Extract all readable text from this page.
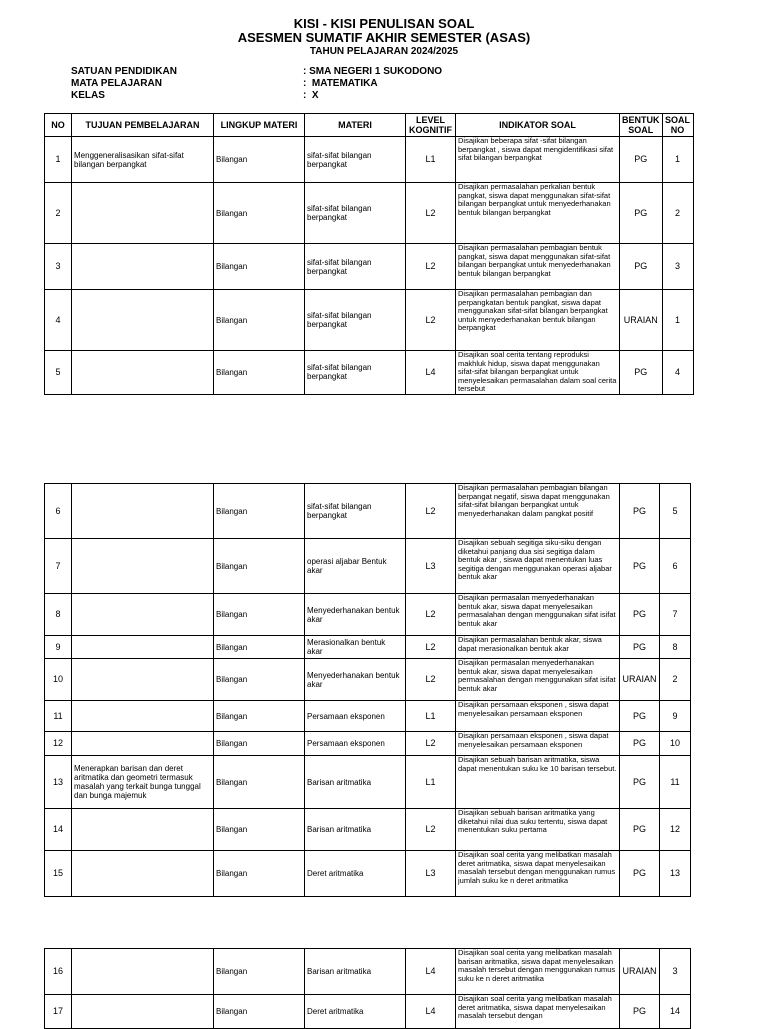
KISI - KISI PENULISAN SOAL
ASESMEN SUMATIF AKHIR SEMESTER (ASAS)
TAHUN PELAJARAN 2024/2025
SATUAN PENDIDIKAN	: SMA NEGERI 1 SUKODONO
MATA PELAJARAN	:  MATEMATIKA
KELAS	:  X
NO	TUJUAN PEMBELAJARAN	LINGKUP MATERI	MATERI	LEVEL KOGNITIF	INDIKATOR SOAL	BENTUK SOAL	SOAL NO
1	Menggeneralisasikan sifat-sifat bilangan berpangkat	Bilangan	sifat-sifat bilangan berpangkat	L1	Disajikan beberapa sifat -sifat bilangan berpangkat , siswa dapat mengidentifikasi sifat sifat bilangan berpangkat	PG	1
2		Bilangan	sifat-sifat bilangan berpangkat	L2	Disajikan permasalahan perkalian bentuk pangkat, siswa dapat menggunakan sifat-sifat bilangan berpangkat untuk menyederhanakan bentuk bilangan berpangkat	PG	2
3		Bilangan	sifat-sifat bilangan berpangkat	L2	Disajikan permasalahan pembagian bentuk pangkat, siswa dapat menggunakan sifat-sifat bilangan berpangkat untuk menyederhanakan bentuk bilangan berpangkat	PG	3
4		Bilangan	sifat-sifat bilangan berpangkat	L2	Disajikan permasalahan pembagian dan perpangkatan bentuk pangkat, siswa dapat menggunakan sifat-sifat bilangan berpangkat untuk menyederhanakan bentuk bilangan berpangkat	URAIAN	1
5		Bilangan	sifat-sifat bilangan berpangkat	L4	Disajikan soal cerita tentang reproduksi makhluk hidup, siswa dapat menggunakan sifat-sifat bilangan berpangkat untuk menyelesaikan permasalahan dalam soal cerita tersebut	PG	4
6		Bilangan	sifat-sifat bilangan berpangkat	L2	Disajikan permasalahan pembagian bilangan berpangat negatif, siswa dapat menggunakan sifat-sifat bilangan berpangkat untuk menyederhanakan dalam pangkat positif	PG	5
7		Bilangan	operasi aljabar Bentuk akar	L3	Disajikan sebuah segitiga siku-siku dengan diketahui panjang dua sisi segitiga dalam bentuk akar , siswa dapat menentukan luas segitiga dengan menggunakan operasi aljabar bentuk akar	PG	6
8		Bilangan	Menyederhanakan bentuk akar	L2	Disajikan permasalan menyederhanakan bentuk akar, siswa dapat menyelesaikan permasalahan dengan menggunakan sifat isifat bentuk akar	PG	7
9		Bilangan	Merasionalkan bentuk akar	L2	Disajikan permasalahan bentuk akar, siswa dapat merasionalkan bentuk akar	PG	8
10		Bilangan	Menyederhanakan bentuk akar	L2	Disajikan permasalan menyederhanakan bentuk akar, siswa dapat menyelesaikan permasalahan dengan menggunakan sifat isifat bentuk akar	URAIAN	2
11		Bilangan	Persamaan eksponen	L1	Disajikan persamaan eksponen , siswa dapat menyelesaikan persamaan eksponen	PG	9
12		Bilangan	Persamaan eksponen	L2	Disajikan persamaan eksponen , siswa dapat menyelesaikan persamaan eksponen	PG	10
13	Menerapkan barisan dan deret aritmatika dan geometri termasuk masalah yang terkait bunga tunggal dan bunga majemuk	Bilangan	Barisan aritmatika	L1	Disajikan sebuah barisan aritmatika, siswa dapat menentukan suku ke 10 barisan tersebut.	PG	11
14		Bilangan	Barisan aritmatika	L2	Disajikan sebuah barisan aritmatika yang diketahui nilai dua suku tertentu, siswa dapat menentukan suku pertama	PG	12
15		Bilangan	Deret aritmatika	L3	Disajikan soal cerita yang melibatkan masalah deret aritmatika, siswa dapat menyelesaikan masalah tersebut dengan menggunakan rumus jumlah suku ke n deret aritmatika	PG	13
16		Bilangan	Barisan aritmatika	L4	Disajikan soal cerita yang melibatkan masalah barisan aritmatika, siswa dapat menyelesaikan masalah tersebut dengan menggunakan rumus suku ke n deret aritmatika	URAIAN	3
17		Bilangan	Deret aritmatika	L4	Disajikan soal cerita yang melibatkan masalah deret aritmatika, siswa dapat menyelesaikan masalah tersebut dengan	PG	14
